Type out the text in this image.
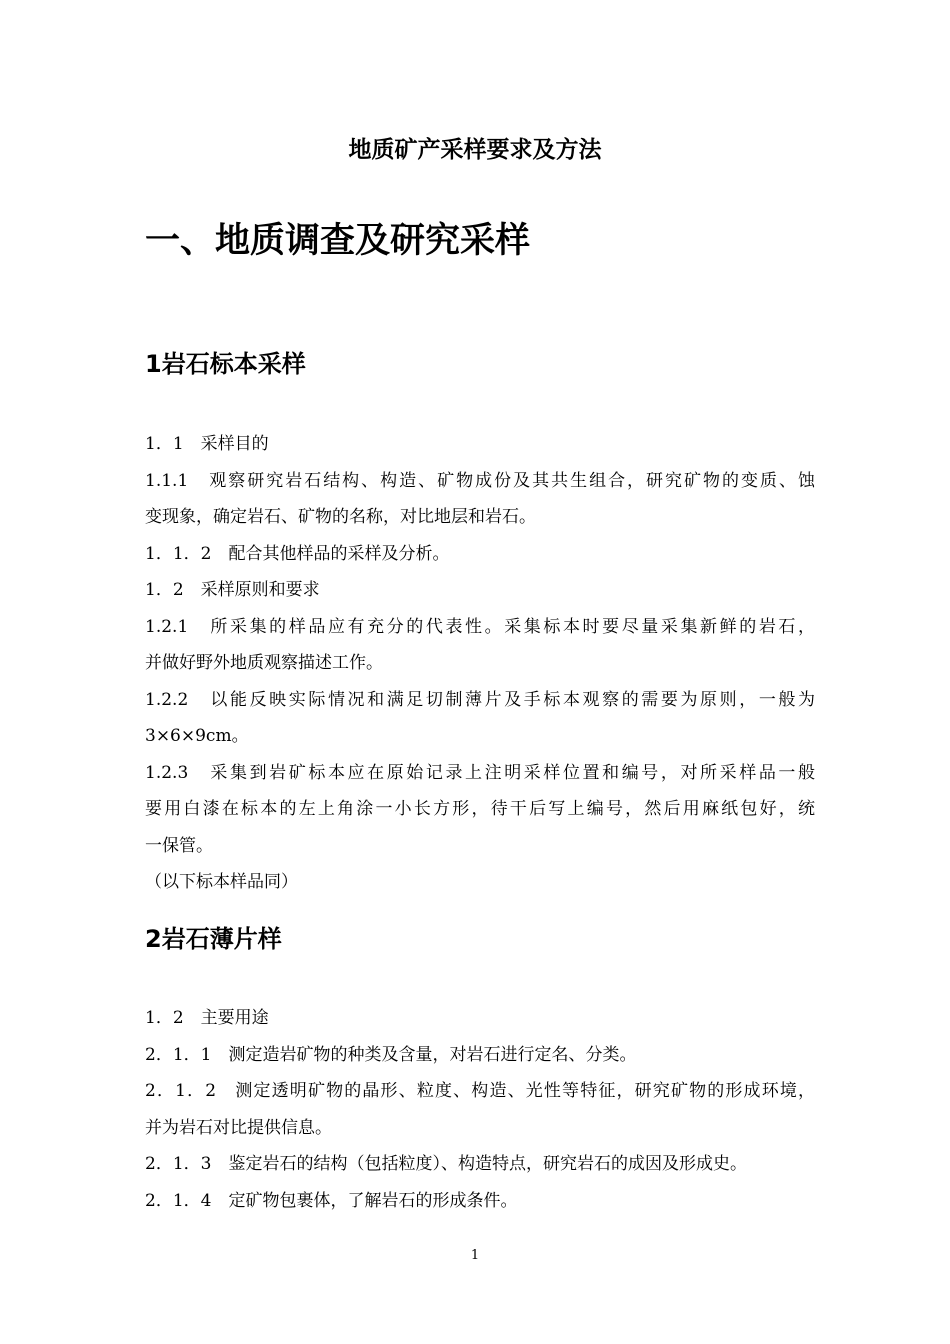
地质矿产采样要求及方法
一、地质调查及研究采样
1岩石标本采样
1．1　采样目的
1.1.1　观察研究岩石结构、构造、矿物成份及其共生组合，研究矿物的变质、蚀
变现象，确定岩石、矿物的名称，对比地层和岩石。
1．1．2　配合其他样品的采样及分析。
1．2　采样原则和要求
1.2.1　所采集的样品应有充分的代表性。采集标本时要尽量采集新鲜的岩石，
并做好野外地质观察描述工作。
1.2.2　以能反映实际情况和满足切制薄片及手标本观察的需要为原则，一般为
3×6×9cm。
1.2.3　采集到岩矿标本应在原始记录上注明采样位置和编号，对所采样品一般
要用白漆在标本的左上角涂一小长方形，待干后写上编号，然后用麻纸包好，统
一保管。
（以下标本样品同）
2岩石薄片样
1．2　主要用途
2．1．1　测定造岩矿物的种类及含量，对岩石进行定名、分类。
2．1．2　测定透明矿物的晶形、粒度、构造、光性等特征，研究矿物的形成环境，
并为岩石对比提供信息。
2．1．3　鉴定岩石的结构（包括粒度）、构造特点，研究岩石的成因及形成史。
2．1．4　定矿物包裹体，了解岩石的形成条件。
1
